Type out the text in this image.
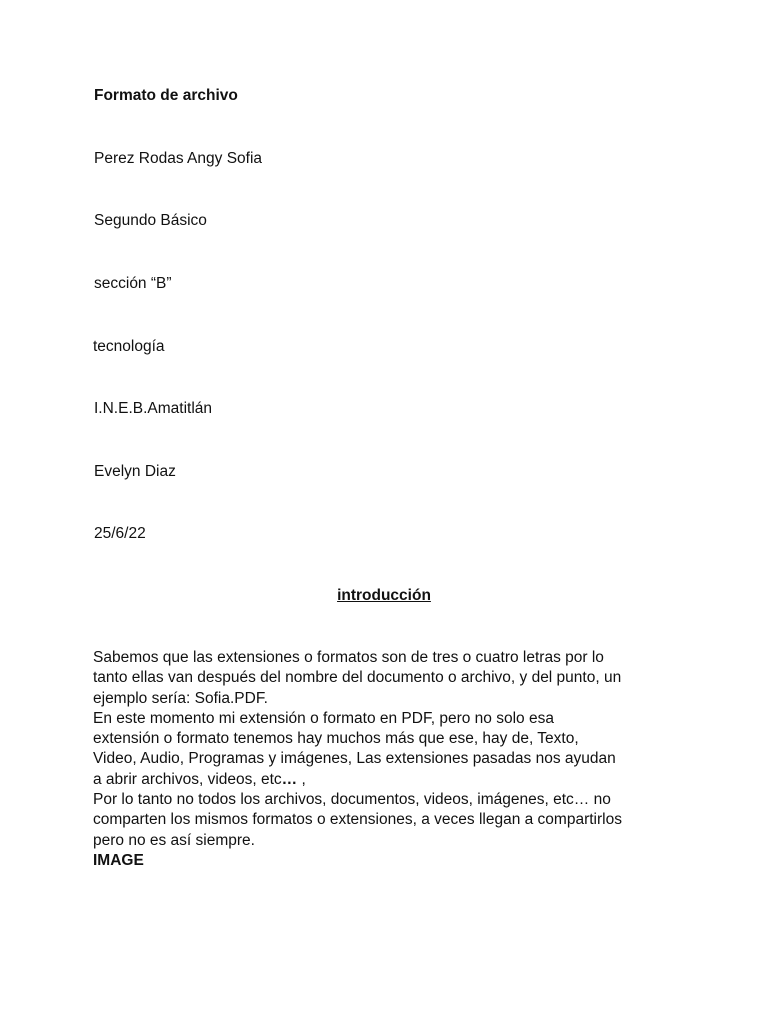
Formato de archivo
Perez Rodas Angy Sofia
Segundo Básico
sección “B”
tecnología
I.N.E.B.Amatitlán
Evelyn Diaz
25/6/22
introducción
Sabemos que las extensiones o formatos son de tres o cuatro letras por lo
tanto ellas van después del nombre del documento o archivo, y del punto, un
ejemplo sería: Sofia.PDF.
En este momento mi extensión o formato en PDF, pero no solo esa
extensión o formato tenemos hay muchos más que ese, hay de, Texto,
Video, Audio, Programas y imágenes, Las extensiones pasadas nos ayudan
a abrir archivos, videos, etc… ,
Por lo tanto no todos los archivos, documentos, videos, imágenes, etc… no
comparten los mismos formatos o extensiones, a veces llegan a compartirlos
pero no es así siempre.
IMAGE
